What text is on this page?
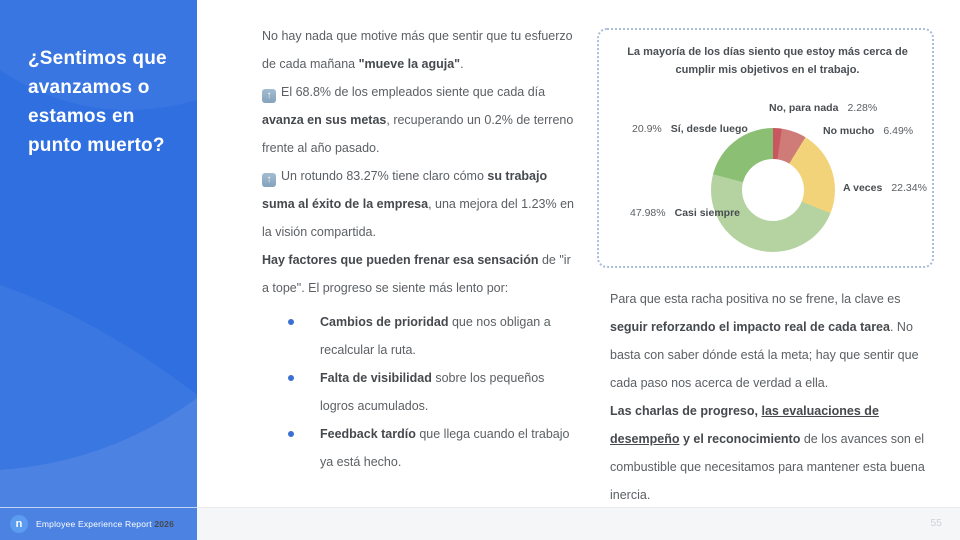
¿Sentimos que
avanzamos o
estamos en
punto muerto?
n	Employee Experience Report 2026	55

No hay nada que motive más que sentir que tu esfuerzo de cada mañana "mueve la aguja".

↑ El 68.8% de los empleados siente que cada día avanza en sus metas, recuperando un 0.2% de terreno frente al año pasado.

↑ Un rotundo 83.27% tiene claro cómo su trabajo suma al éxito de la empresa, una mejora del 1.23% en la visión compartida.

Hay factores que pueden frenar esa sensación de "ir a tope". El progreso se siente más lento por:

Cambios de prioridad que nos obligan a recalcular la ruta.
Falta de visibilidad sobre los pequeños logros acumulados.
Feedback tardío que llega cuando el trabajo ya está hecho.
La mayoría de los días siento que estoy más cerca de cumplir mis objetivos en el trabajo.
No, para nada 2.28%
No mucho 6.49%
A veces 22.34%
47.98% Casi siempre
20.9% Sí, desde luego

Para que esta racha positiva no se frene, la clave es seguir reforzando el impacto real de cada tarea. No basta con saber dónde está la meta; hay que sentir que cada paso nos acerca de verdad a ella.

Las charlas de progreso, las evaluaciones de desempeño y el reconocimiento de los avances son el combustible que necesitamos para mantener esta buena inercia.
